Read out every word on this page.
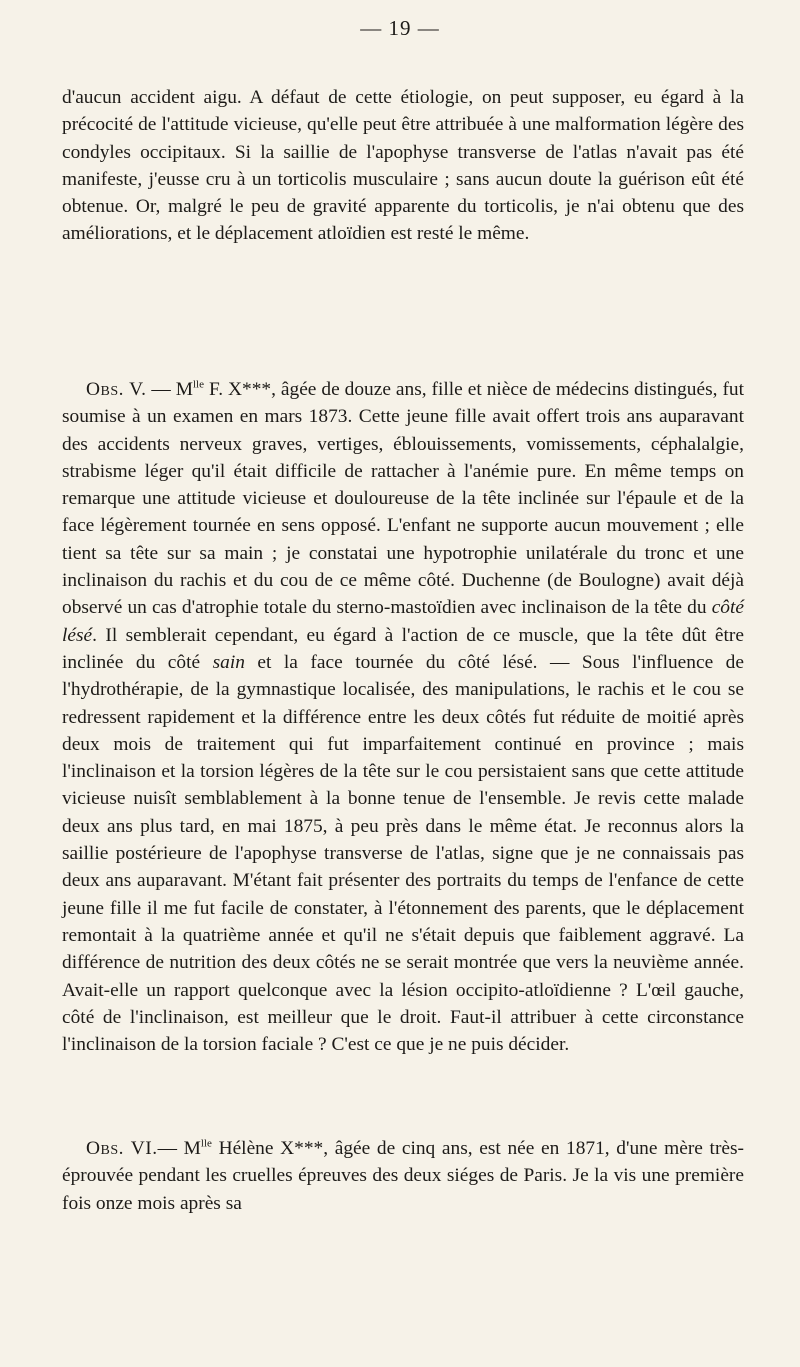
— 19 —

d'aucun accident aigu. A défaut de cette étiologie, on peut supposer, eu égard à la précocité de l'attitude vicieuse, qu'elle peut être attribuée à une malformation légère des condyles occipitaux. Si la saillie de l'apophyse transverse de l'atlas n'avait pas été manifeste, j'eusse cru à un torticolis musculaire ; sans aucun doute la guérison eût été obtenue. Or, malgré le peu de gravité apparente du torticolis, je n'ai obtenu que des améliorations, et le déplacement atloïdien est resté le même.

Obs. V. — $M^{lle}$ F. X***, âgée de douze ans, fille et nièce de médecins distingués, fut soumise à un examen en mars 1873. Cette jeune fille avait offert trois ans auparavant des accidents nerveux graves, vertiges, éblouissements, vomissements, céphalalgie, strabisme léger qu'il était difficile de rattacher à l'anémie pure. En même temps on remarque une attitude vicieuse et douloureuse de la tête inclinée sur l'épaule et de la face légèrement tournée en sens opposé. L'enfant ne supporte aucun mouvement ; elle tient sa tête sur sa main ; je constatai une hypotrophie unilatérale du tronc et une inclinaison du rachis et du cou de ce même côté. Duchenne (de Boulogne) avait déjà observé un cas d'atrophie totale du sterno-mastoïdien avec inclinaison de la tête du côté lésé. Il semblerait cependant, eu égard à l'action de ce muscle, que la tête dût être inclinée du côté sain et la face tournée du côté lésé. — Sous l'influence de l'hydrothérapie, de la gymnastique localisée, des manipulations, le rachis et le cou se redressent rapidement et la différence entre les deux côtés fut réduite de moitié après deux mois de traitement qui fut imparfaitement continué en province ; mais l'inclinaison et la torsion légères de la tête sur le cou persistaient sans que cette attitude vicieuse nuisît semblablement à la bonne tenue de l'ensemble. Je revis cette malade deux ans plus tard, en mai 1875, à peu près dans le même état. Je reconnus alors la saillie postérieure de l'apophyse transverse de l'atlas, signe que je ne connaissais pas deux ans auparavant. M'étant fait présenter des portraits du temps de l'enfance de cette jeune fille il me fut facile de constater, à l'étonnement des parents, que le déplacement remontait à la quatrième année et qu'il ne s'était depuis que faiblement aggravé. La différence de nutrition des deux côtés ne se serait montrée que vers la neuvième année. Avait-elle un rapport quelconque avec la lésion occipito-atloïdienne ? L'œil gauche, côté de l'inclinaison, est meilleur que le droit. Faut-il attribuer à cette circonstance l'inclinaison de la torsion faciale ? C'est ce que je ne puis décider.

Obs. VI.— $M^{lle}$ Hélène X***, âgée de cinq ans, est née en 1871, d'une mère très-éprouvée pendant les cruelles épreuves des deux siéges de Paris. Je la vis une première fois onze mois après sa
